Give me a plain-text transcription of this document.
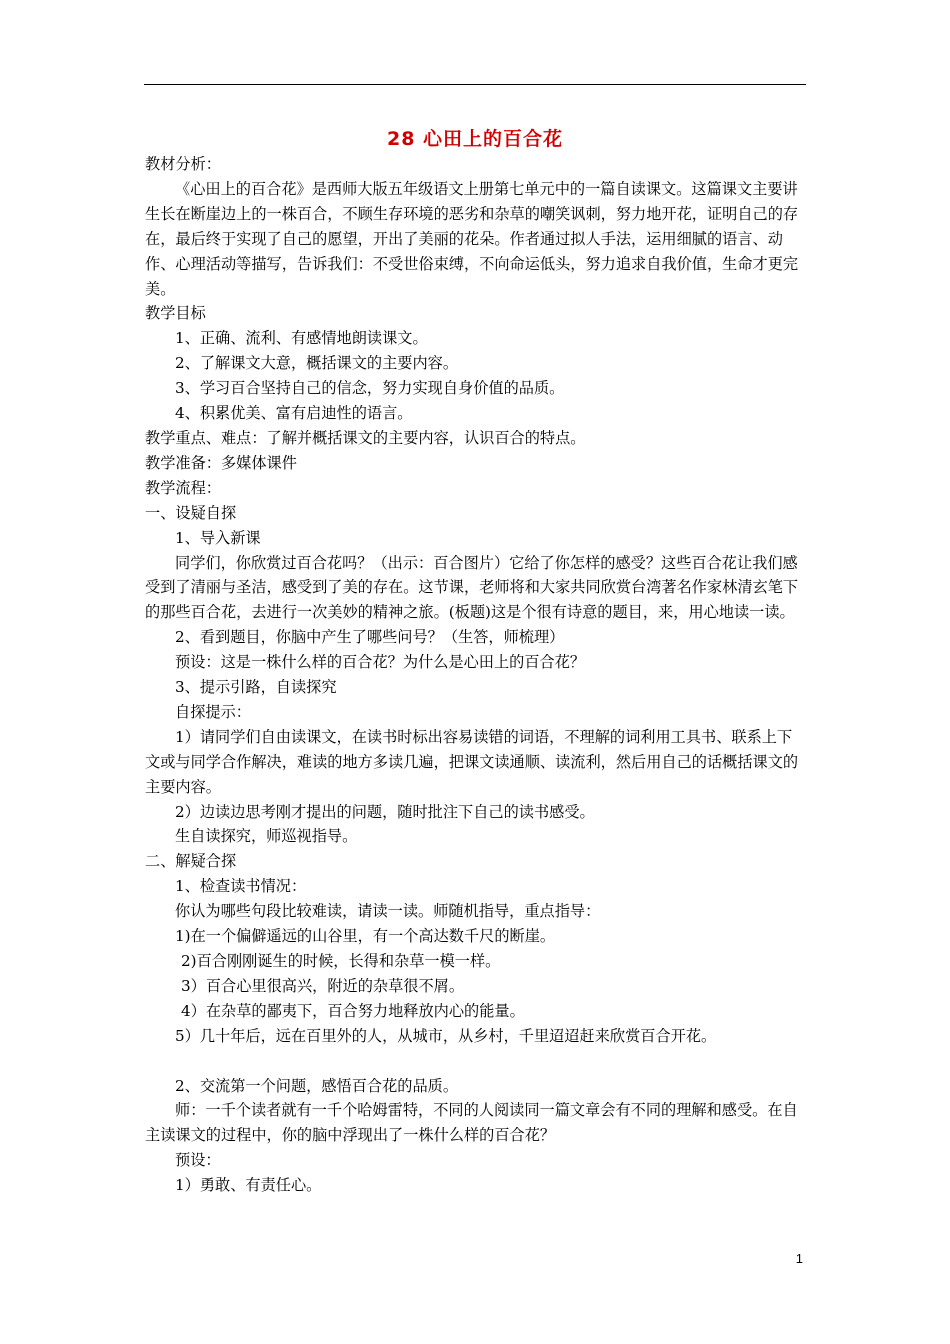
28 心田上的百合花

教材分析：

《心田上的百合花》是西师大版五年级语文上册第七单元中的一篇自读课文。这篇课文主要讲生长在断崖边上的一株百合，不顾生存环境的恶劣和杂草的嘲笑讽刺，努力地开花，证明自己的存在，最后终于实现了自己的愿望，开出了美丽的花朵。作者通过拟人手法，运用细腻的语言、动作、心理活动等描写，告诉我们：不受世俗束缚，不向命运低头，努力追求自我价值，生命才更完美。

教学目标

1、正确、流利、有感情地朗读课文。

2、了解课文大意，概括课文的主要内容。

3、学习百合坚持自己的信念，努力实现自身价值的品质。

4、积累优美、富有启迪性的语言。

教学重点、难点：了解并概括课文的主要内容，认识百合的特点。

教学准备：多媒体课件

教学流程：

一、设疑自探

1、导入新课

同学们，你欣赏过百合花吗？（出示：百合图片）它给了你怎样的感受？这些百合花让我们感受到了清丽与圣洁，感受到了美的存在。这节课，老师将和大家共同欣赏台湾著名作家林清玄笔下的那些百合花，去进行一次美妙的精神之旅。(板题)这是个很有诗意的题目，来，用心地读一读。

2、看到题目，你脑中产生了哪些问号？（生答，师梳理）

预设：这是一株什么样的百合花？为什么是心田上的百合花？

3、提示引路，自读探究

自探提示：

1）请同学们自由读课文，在读书时标出容易读错的词语，不理解的词利用工具书、联系上下文或与同学合作解决，难读的地方多读几遍，把课文读通顺、读流利，然后用自己的话概括课文的主要内容。

2）边读边思考刚才提出的问题，随时批注下自己的读书感受。

生自读探究，师巡视指导。

二、解疑合探

1、检查读书情况：

你认为哪些句段比较难读，请读一读。师随机指导，重点指导：

1)在一个偏僻遥远的山谷里，有一个高达数千尺的断崖。

2)百合刚刚诞生的时候，长得和杂草一模一样。

3）百合心里很高兴，附近的杂草很不屑。

4）在杂草的鄙夷下，百合努力地释放内心的能量。

5）几十年后，远在百里外的人，从城市，从乡村，千里迢迢赶来欣赏百合开花。

2、交流第一个问题，感悟百合花的品质。

师：一千个读者就有一千个哈姆雷特，不同的人阅读同一篇文章会有不同的理解和感受。在自主读课文的过程中，你的脑中浮现出了一株什么样的百合花？

预设：

1）勇敢、有责任心。

1
